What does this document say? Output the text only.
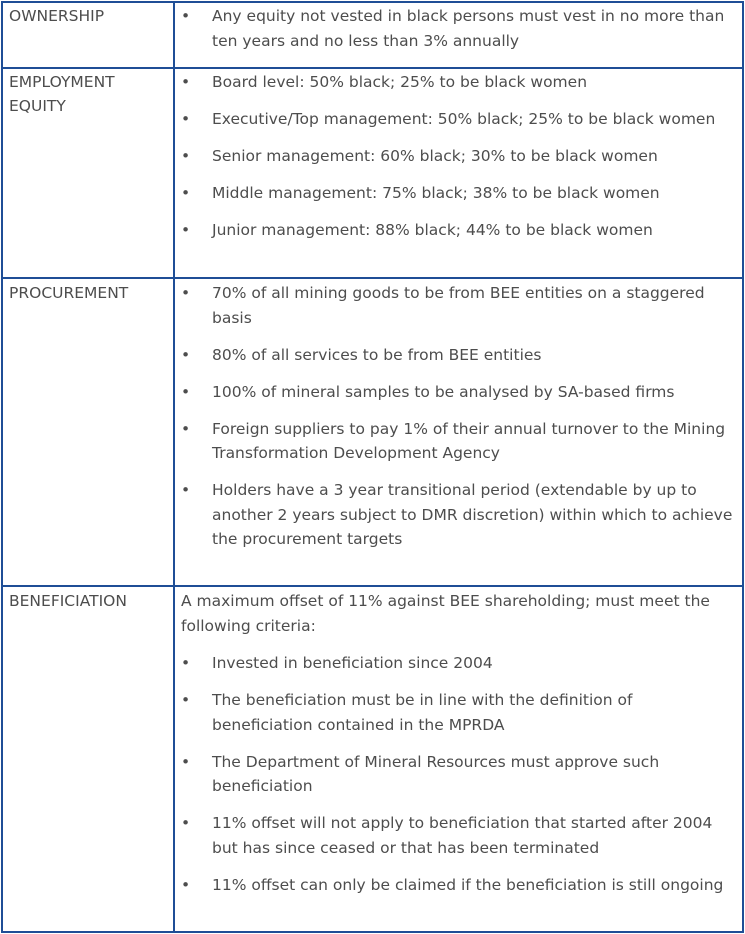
OWNERSHIP	• Any equity not vested in black persons must vest in no more than ten years and no less than 3% annually
EMPLOYMENT EQUITY
• Board level: 50% black; 25% to be black women
• Executive/Top management: 50% black; 25% to be black women
• Senior management: 60% black; 30% to be black women
• Middle management: 75% black; 38% to be black women
• Junior management: 88% black; 44% to be black women
PROCUREMENT	• 70% of all mining goods to be from BEE entities on a staggered basis
• 80% of all services to be from BEE entities
• 100% of mineral samples to be analysed by SA-based firms
• Foreign suppliers to pay 1% of their annual turnover to the Mining Transformation Development Agency
• Holders have a 3 year transitional period (extendable by up to another 2 years subject to DMR discretion) within which to achieve the procurement targets
BENEFICIATION	A maximum offset of 11% against BEE shareholding; must meet the following criteria:
• Invested in beneficiation since 2004
• The beneficiation must be in line with the definition of beneficiation contained in the MPRDA
• The Department of Mineral Resources must approve such beneficiation
• 11% offset will not apply to beneficiation that started after 2004 but has since ceased or that has been terminated
• 11% offset can only be claimed if the beneficiation is still ongoing
